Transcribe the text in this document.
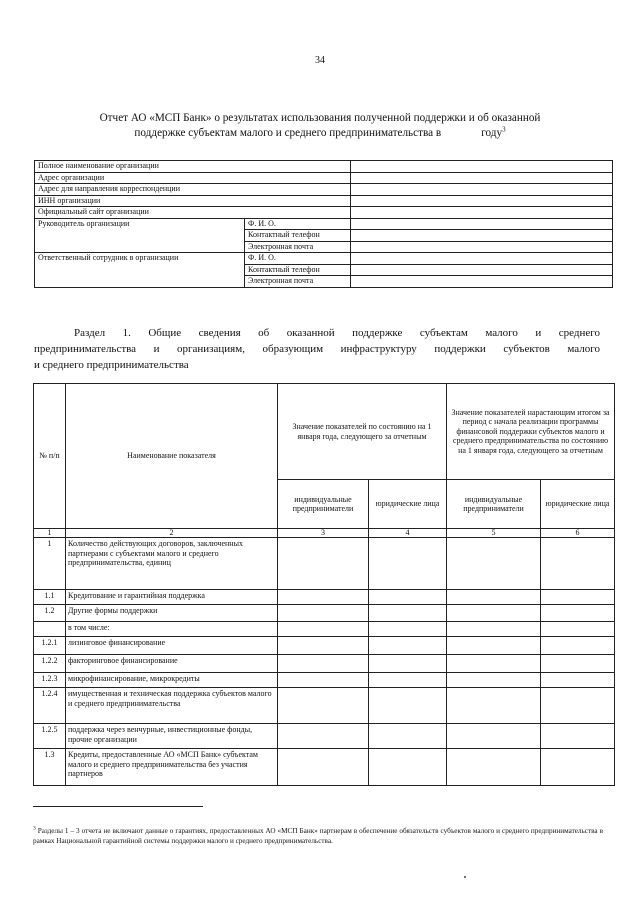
34
Отчет АО «МСП Банк» о результатах использования полученной поддержки и об оказанной
поддержке субъектам малого и среднего предпринимательства в	году$^3$
Полное наименование организации		
Адрес организации		
Адрес для направления корреспонденции		
ИНН организации		
Официальный сайт организации		
Руководитель организации	Ф. И. О.	
	Контактный телефон	
	Электронная почта	
Ответственный сотрудник в организации	Ф. И. О.	
	Контактный телефон	
	Электронная почта	
Раздел 1. Общие сведения об оказанной поддержке субъектам малого и среднего
предпринимательства и организациям, образующим инфраструктуру поддержки субъектов малого
и среднего предпринимательства
№ п/п	Наименование показателя	Значение показателей по состоянию на 1 января года, следующего за отчетным		Значение показателей нарастающим итогом за период с начала реализации программы финансовой поддержки субъектов малого и среднего предпринимательства по состоянию на 1 января года, следующего за отчетным	
		индивидуальные предприниматели	юридические лица	индивидуальные предприниматели	юридические лица
1	2	3	4	5	6
1	Количество действующих договоров, заключенных партнерами с субъектами малого и среднего предпринимательства, единиц				
1.1	Кредитование и гарантийная поддержка				
1.2	Другие формы поддержки				
	в том числе:				
1.2.1	лизинговое финансирование				
1.2.2	факторинговое финансирование				
1.2.3	микрофинансирование, микрокредиты				
1.2.4	имущественная и техническая поддержка субъектов малого и среднего предпринимательства				
1.2.5	поддержка через венчурные, инвестиционные фонды, прочие организации				
1.3	Кредиты, предоставленные АО «МСП Банк» субъектам малого и среднего предпринимательства без участия партнеров				
$^3$ Разделы 1 – 3 отчета не включают данные о гарантиях, предоставленных АО «МСП Банк» партнерам в обеспечение обязательств субъектов малого и среднего предпринимательства в рамках Национальной гарантийной системы поддержки малого и среднего предпринимательства.
